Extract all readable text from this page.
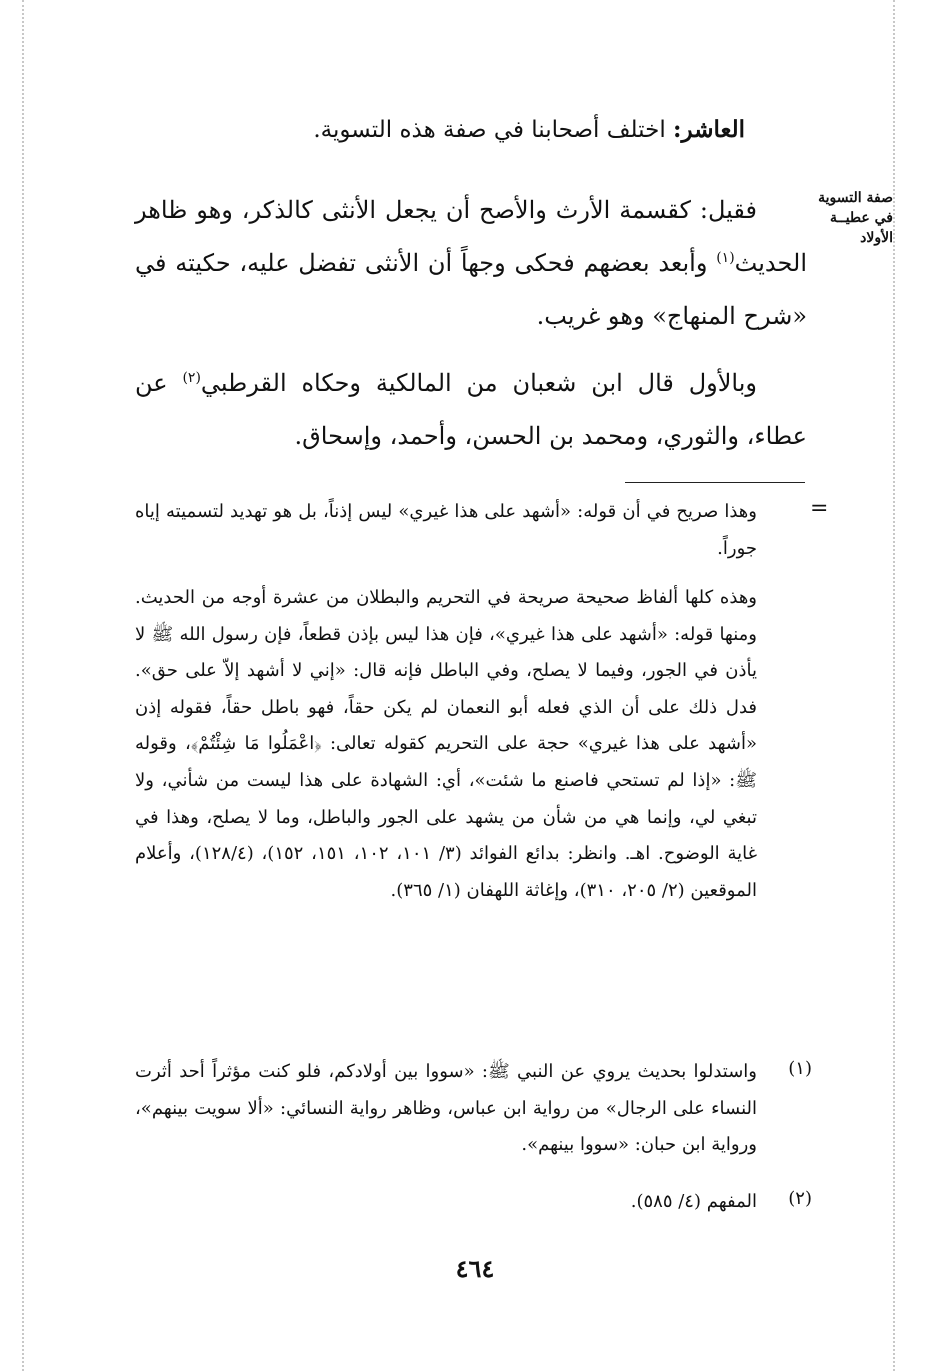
العاشر: اختلف أصحابنا في صفة هذه التسوية.
صفة التسوية في عطيــة الأولاد
فقيل: كقسمة الأرث والأصح أن يجعل الأنثى كالذكر، وهو ظاهر الحديث$^{(١)}$ وأبعد بعضهم فحكى وجهاً أن الأنثى تفضل عليه، حكيته في «شرح المنهاج» وهو غريب.
وبالأول قال ابن شعبان من المالكية وحكاه القرطبي$^{(٢)}$ عن عطاء، والثوري، ومحمد بن الحسن، وأحمد، وإسحاق.
=
وهذا صريح في أن قوله: «أشهد على هذا غيري» ليس إذناً، بل هو تهديد لتسميته إياه جوراً.
وهذه كلها ألفاظ صحيحة صريحة في التحريم والبطلان من عشرة أوجه من الحديث. ومنها قوله: «أشهد على هذا غيري»، فإن هذا ليس بإذن قطعاً، فإن رسول الله ﷺ لا يأذن في الجور، وفيما لا يصلح، وفي الباطل فإنه قال: «إني لا أشهد إلاّ على حق». فدل ذلك على أن الذي فعله أبو النعمان لم يكن حقاً، فهو باطل حقاً، فقوله إذن «أشهد على هذا غيري» حجة على التحريم كقوله تعالى: ﴿اعْمَلُوا مَا شِئْتُمْ﴾، وقوله ﷺ: «إذا لم تستحي فاصنع ما شئت»، أي: الشهادة على هذا ليست من شأني، ولا تبغي لي، وإنما هي من شأن من يشهد على الجور والباطل، وما لا يصلح، وهذا في غاية الوضوح. اهـ. وانظر: بدائع الفوائد (٣/ ١٠١، ١٠٢، ١٥١، ١٥٢)، (١٢٨/٤)، وأعلام الموقعين (٢/ ٢٠٥، ٣١٠)، وإغاثة اللهفان (١/ ٣٦٥).
(١)
واستدلوا بحديث يروي عن النبي ﷺ: «سووا بين أولادكم، فلو كنت مؤثراً أحد أثرت النساء على الرجال» من رواية ابن عباس، وظاهر رواية النسائي: «ألا سويت بينهم»، ورواية ابن حبان: «سووا بينهم».
(٢)
المفهم (٤/ ٥٨٥).
٤٦٤
